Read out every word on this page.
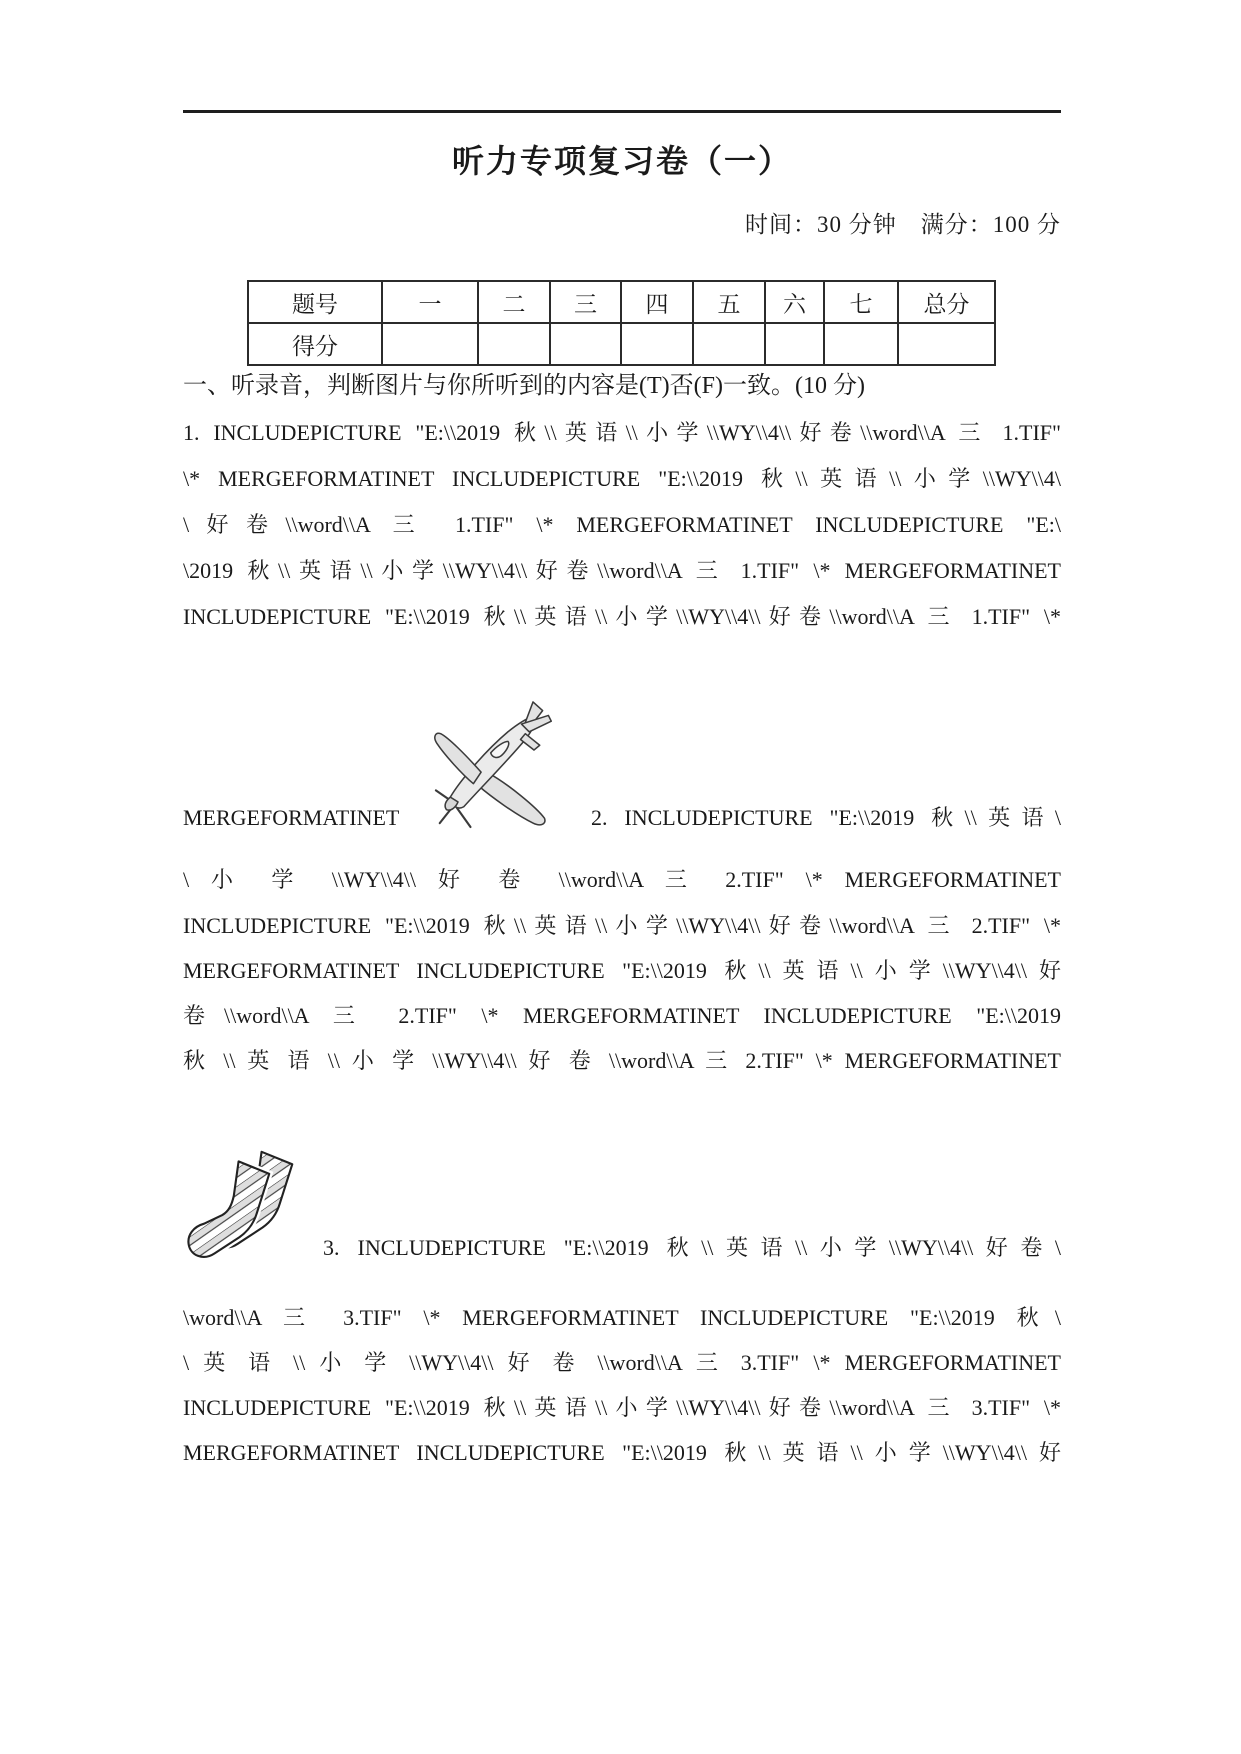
听力专项复习卷（一）
时间：30 分钟　满分：100 分
题号	一	二	三	四	五	六	七	总分
得分								
一、听录音，判断图片与你所听到的内容是(T)否(F)一致。(10 分)
1. INCLUDEPICTURE "E:\\2019 秋\\英语\\小学\\WY\\4\\好卷\\word\\A 三 1.TIF"
\* MERGEFORMATINET INCLUDEPICTURE "E:\\2019 秋\\英语\\小学\\WY\\4\
\好卷\\word\\A 三 1.TIF" \* MERGEFORMATINET INCLUDEPICTURE "E:\
\2019 秋\\英语\\小学\\WY\\4\\好卷\\word\\A 三 1.TIF" \* MERGEFORMATINET
INCLUDEPICTURE "E:\\2019 秋\\英语\\小学\\WY\\4\\好卷\\word\\A 三 1.TIF" \*
MERGEFORMATINET	2. INCLUDEPICTURE "E:\\2019 秋\\英语\
\ 小 学 \\WY\\4\\ 好 卷 \\word\\A 三 2.TIF" \* MERGEFORMATINET
INCLUDEPICTURE "E:\\2019 秋\\英语\\小学\\WY\\4\\好卷\\word\\A 三 2.TIF" \*
MERGEFORMATINET INCLUDEPICTURE "E:\\2019 秋\\英语\\小学\\WY\\4\\好
卷\\word\\A 三 2.TIF" \* MERGEFORMATINET INCLUDEPICTURE "E:\\2019
秋 \\ 英 语 \\ 小 学 \\WY\\4\\ 好 卷 \\word\\A 三 2.TIF" \* MERGEFORMATINET
3. INCLUDEPICTURE "E:\\2019 秋\\英语\\小学\\WY\\4\\好卷\
\word\\A 三 3.TIF" \* MERGEFORMATINET INCLUDEPICTURE "E:\\2019 秋\
\ 英 语 \\ 小 学 \\WY\\4\\ 好 卷 \\word\\A 三 3.TIF" \* MERGEFORMATINET
INCLUDEPICTURE "E:\\2019 秋\\英语\\小学\\WY\\4\\好卷\\word\\A 三 3.TIF" \*
MERGEFORMATINET INCLUDEPICTURE "E:\\2019 秋\\英语\\小学\\WY\\4\\好
